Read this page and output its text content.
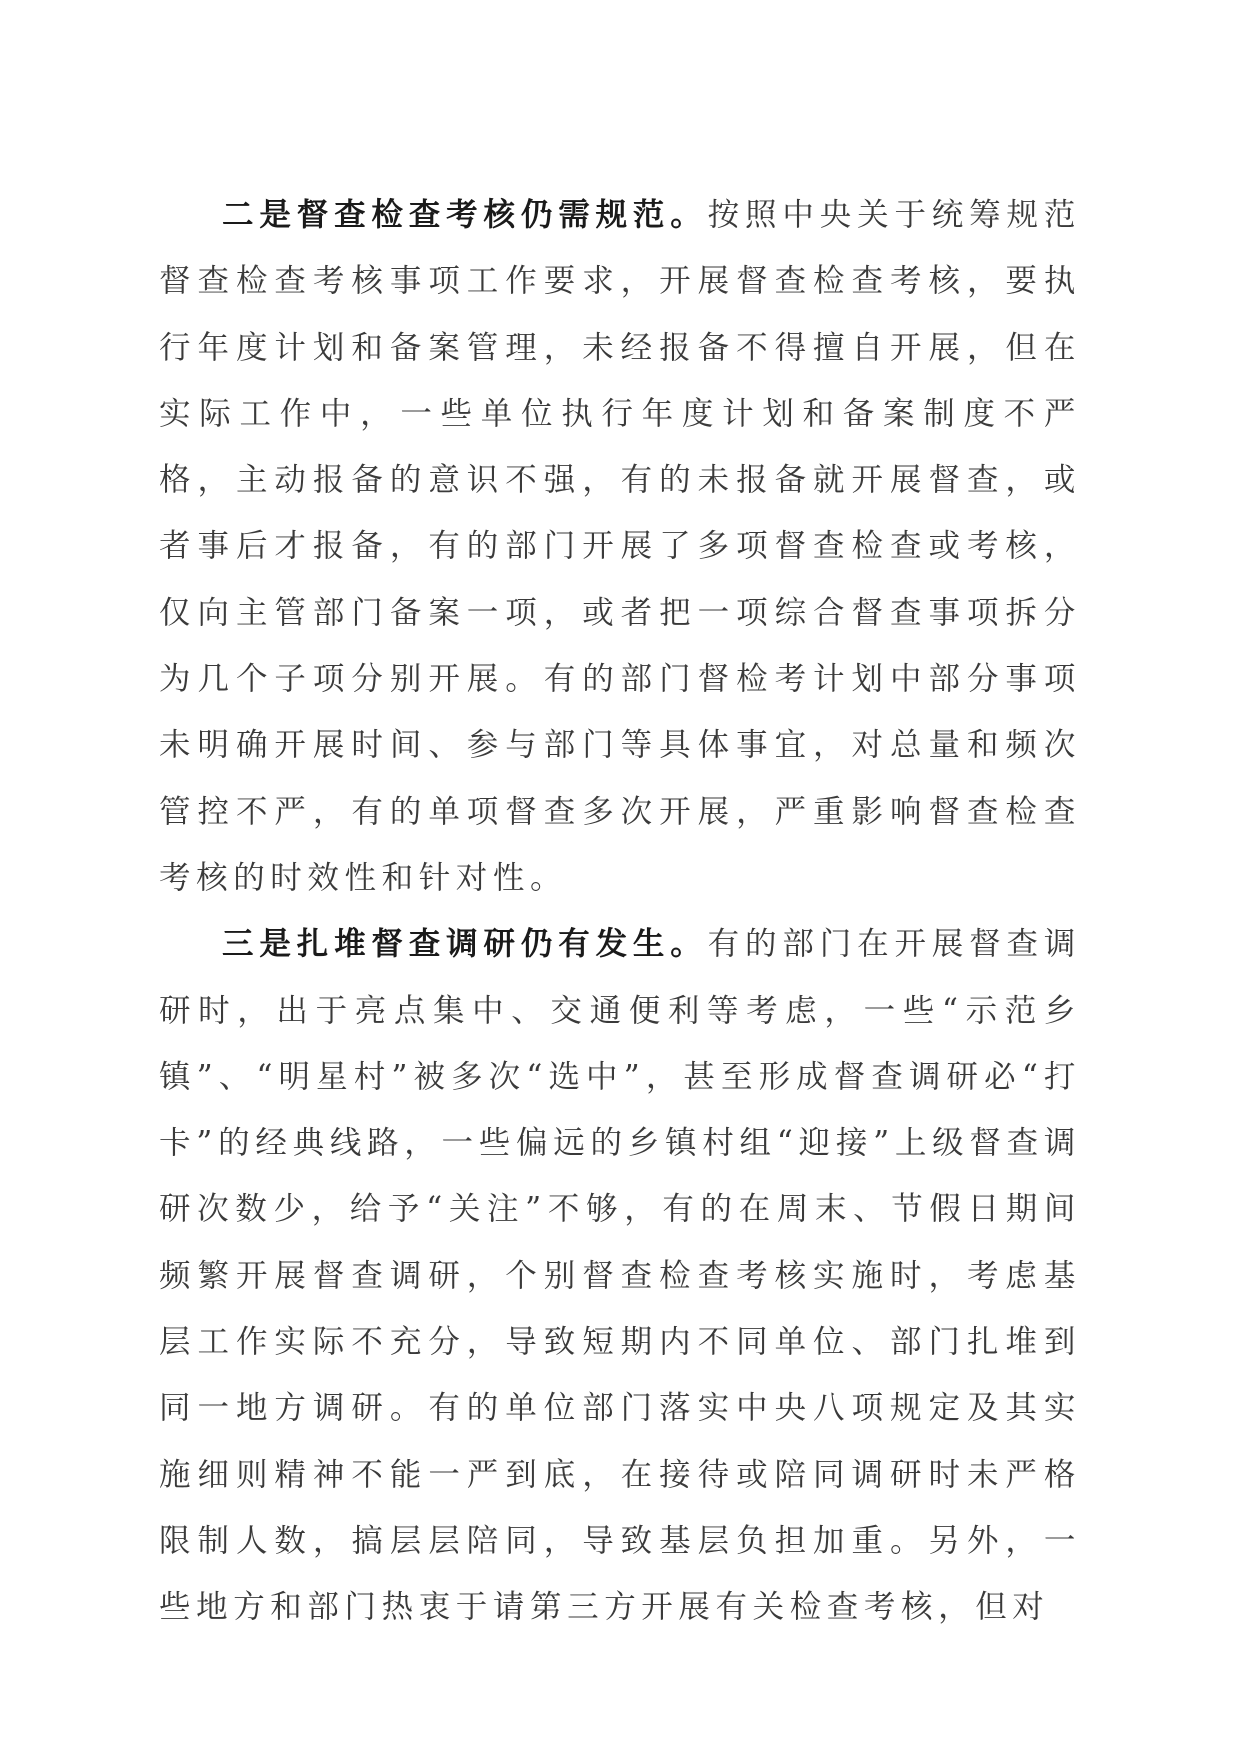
二是督查检查考核仍需规范。按照中央关于统筹规范督查检查考核事项工作要求，开展督查检查考核，要执行年度计划和备案管理，未经报备不得擅自开展，但在实际工作中，一些单位执行年度计划和备案制度不严格，主动报备的意识不强，有的未报备就开展督查，或者事后才报备，有的部门开展了多项督查检查或考核，仅向主管部门备案一项，或者把一项综合督查事项拆分为几个子项分别开展。有的部门督检考计划中部分事项未明确开展时间、参与部门等具体事宜，对总量和频次管控不严，有的单项督查多次开展，严重影响督查检查考核的时效性和针对性。

三是扎堆督查调研仍有发生。有的部门在开展督查调研时，出于亮点集中、交通便利等考虑，一些“示范乡镇”、“明星村”被多次“选中”，甚至形成督查调研必“打卡”的经典线路，一些偏远的乡镇村组“迎接”上级督查调研次数少，给予“关注”不够，有的在周末、节假日期间频繁开展督查调研，个别督查检查考核实施时，考虑基层工作实际不充分，导致短期内不同单位、部门扎堆到同一地方调研。有的单位部门落实中央八项规定及其实施细则精神不能一严到底，在接待或陪同调研时未严格限制人数，搞层层陪同，导致基层负担加重。另外，一些地方和部门热衷于请第三方开展有关检查考核，但对
